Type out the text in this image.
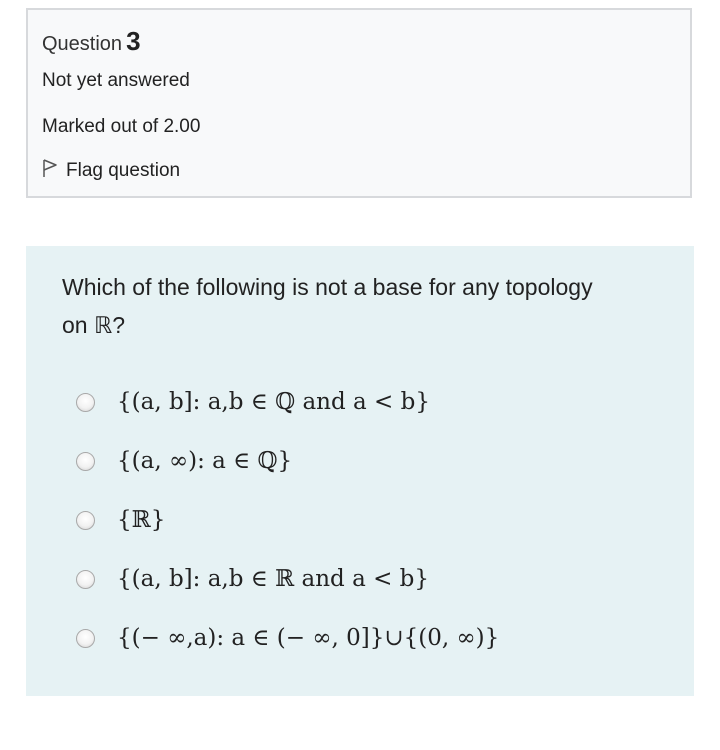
Question 3
Not yet answered
Marked out of 2.00
Flag question
Which of the following is not a base for any topology
on ℝ?
{(a, b]: a,b ∈ ℚ and a < b}
{(a, ∞): a ∈ ℚ}
{ℝ}
{(a, b]: a,b ∈ ℝ and a < b}
{(− ∞,a): a ∈ (− ∞, 0]}∪{(0, ∞)}
